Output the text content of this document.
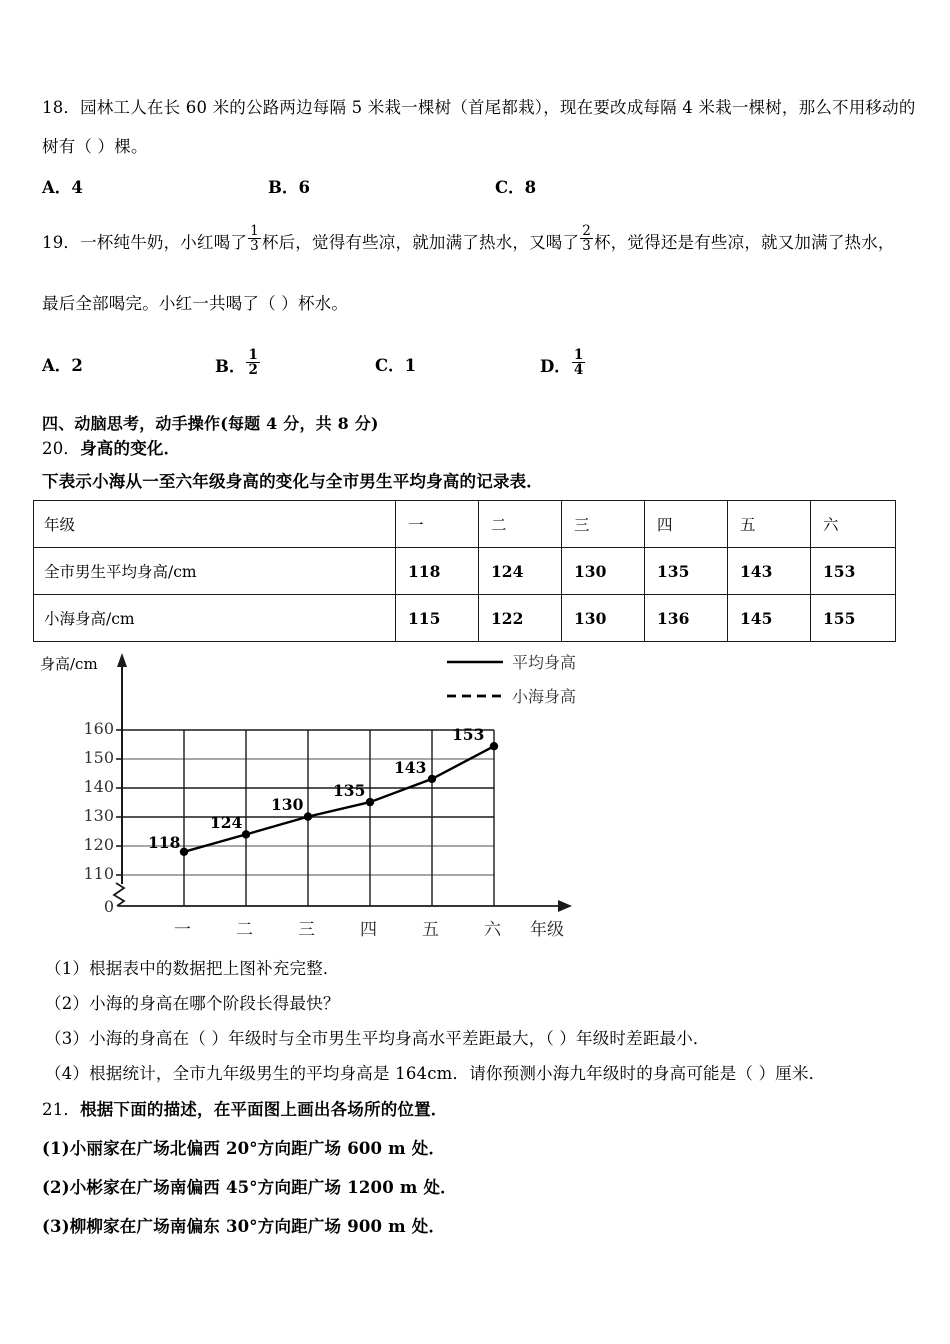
18．园林工人在长 60 米的公路两边每隔 5 米栽一棵树（首尾都栽），现在要改成每隔 4 米栽一棵树，那么不用移动的
树有（ ）棵。
A．4	B．6	C．8
19．一杯纯牛奶，小红喝了 $\frac{1}{3}$ 杯后，觉得有些凉，就加满了热水，又喝了 $\frac{2}{3}$ 杯，觉得还是有些凉，就又加满了热水，
最后全部喝完。小红一共喝了（ ）杯水。
A．2	B． $\frac{1}{2}$	C．1	D． $\frac{1}{4}$
四、动脑思考，动手操作(每题 4 分，共 8 分)
20．身高的变化．
下表示小海从一至六年级身高的变化与全市男生平均身高的记录表．
年级	一	二	三	四	五	六
全市男生平均身高/cm	118	124	130	135	143	153
小海身高/cm	115	122	130	136	145	155
身高/cm	平均身高
小海身高
160
150
140
130
120
110
0
118
124
130
135
143
153
一	二	三	四	五	六 年级
（1）根据表中的数据把上图补充完整．
（2）小海的身高在哪个阶段长得最快？
（3）小海的身高在（ ）年级时与全市男生平均身高水平差距最大，（ ）年级时差距最小．
（4）根据统计，全市九年级男生的平均身高是 164cm．请你预测小海九年级时的身高可能是（ ）厘米．
21．根据下面的描述，在平面图上画出各场所的位置．
(1)小丽家在广场北偏西 20°方向距广场 600 m 处．
(2)小彬家在广场南偏西 45°方向距广场 1200 m 处．
(3)柳柳家在广场南偏东 30°方向距广场 900 m 处．
